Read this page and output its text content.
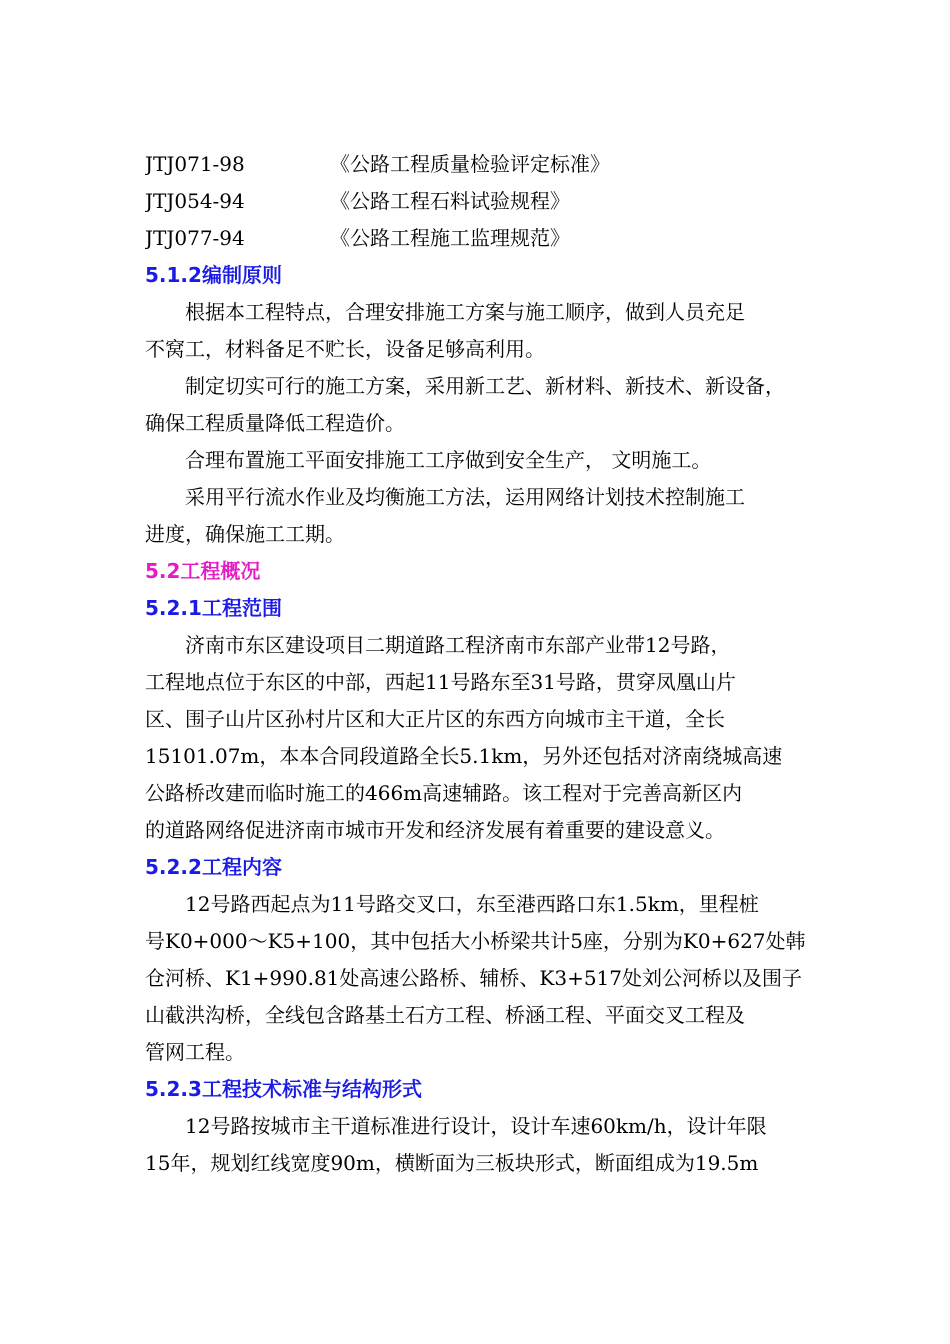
JTJ071-98	《公路工程质量检验评定标准》
JTJ054-94	《公路工程石料试验规程》
JTJ077-94	《公路工程施工监理规范》
5.1.2编制原则
根据本工程特点，合理安排施工方案与施工顺序，做到人员充足
不窝工，材料备足不贮长，设备足够高利用。
制定切实可行的施工方案，采用新工艺、新材料、新技术、新设备，
确保工程质量降低工程造价。
合理布置施工平面安排施工工序做到安全生产， 文明施工。
采用平行流水作业及均衡施工方法，运用网络计划技术控制施工
进度，确保施工工期。
5.2工程概况
5.2.1工程范围
济南市东区建设项目二期道路工程济南市东部产业带12号路，
工程地点位于东区的中部，西起11号路东至31号路，贯穿凤凰山片
区、围子山片区孙村片区和大正片区的东西方向城市主干道，全长
15101.07m，本本合同段道路全长5.1km，另外还包括对济南绕城高速
公路桥改建而临时施工的466m高速辅路。该工程对于完善高新区内
的道路网络促进济南市城市开发和经济发展有着重要的建设意义。
5.2.2工程内容
12号路西起点为11号路交叉口，东至港西路口东1.5km，里程桩
号K0+000～K5+100，其中包括大小桥梁共计5座，分别为K0+627处韩
仓河桥、K1+990.81处高速公路桥、辅桥、K3+517处刘公河桥以及围子
山截洪沟桥，全线包含路基土石方工程、桥涵工程、平面交叉工程及
管网工程。
5.2.3工程技术标准与结构形式
12号路按城市主干道标准进行设计，设计车速60km/h，设计年限
15年，规划红线宽度90m，横断面为三板块形式，断面组成为19.5m
